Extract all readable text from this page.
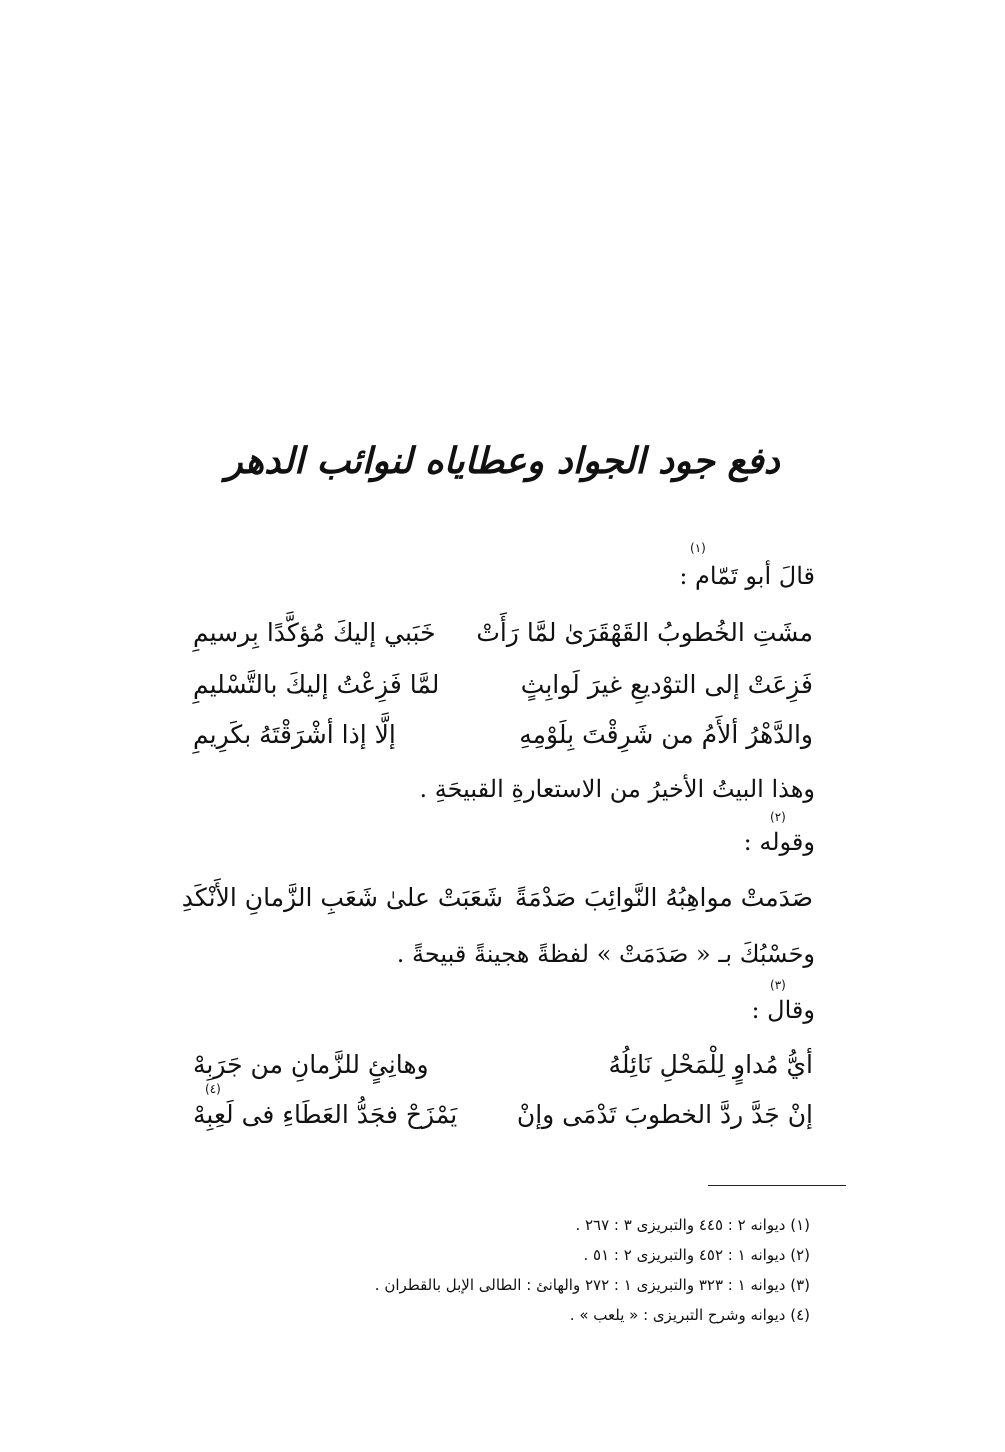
دفع جود الجواد وعطاياه لنوائب الدهر
(١)
قالَ أبو تَمّام :
مشَتِ الخُطوبُ القَهْقَرَىٰ لمَّا رَأَتْ
خَبَبي إليكَ مُؤكَّدًا بِرسيمِ
فَزِعَتْ إلى التوْديعِ غيرَ لَوابِثٍ
لمَّا فَزِعْتُ إليكَ بالتَّسْليمِ
والدَّهْرُ ألأَمُ من شَرِقْتَ بِلَوْمِهِ
إلَّا إذا أشْرَقْتَهُ بكَرِيمِ
وهذا البيتُ الأخيرُ من الاستعارةِ القبيحَةِ .
(٢)
وقوله :
صَدَمتْ مواهِبُهُ النَّوائِبَ صَدْمَةً
شَعَبَتْ علىٰ شَعَبِ الزَّمانِ الأَنْكَدِ
وحَسْبُكَ بـ « صَدَمَتْ » لفظةً هجينةً قبيحةً .
(٣)
وقال :
أيُّ مُداوٍ لِلْمَحْلِ نَائِلُهُ
وهانِئٍ للزَّمانِ من جَرَبِهْ
(٤)
إنْ جَدَّ ردَّ الخطوبَ تَدْمَى وإنْ
يَمْزَحْ فجَدُّ العَطَاءِ فى لَعِبِهْ
(١) ديوانه ٢ : ٤٤٥ والتبريزى ٣ : ٢٦٧ .
(٢) ديوانه ١ : ٤٥٢ والتبريزى ٢ : ٥١ .
(٣) ديوانه ١ : ٣٢٣ والتبريزى ١ : ٢٧٢ والهانئ : الطالى الإبل بالقطران .
(٤) ديوانه وشرح التبريزى : « يلعب » .
